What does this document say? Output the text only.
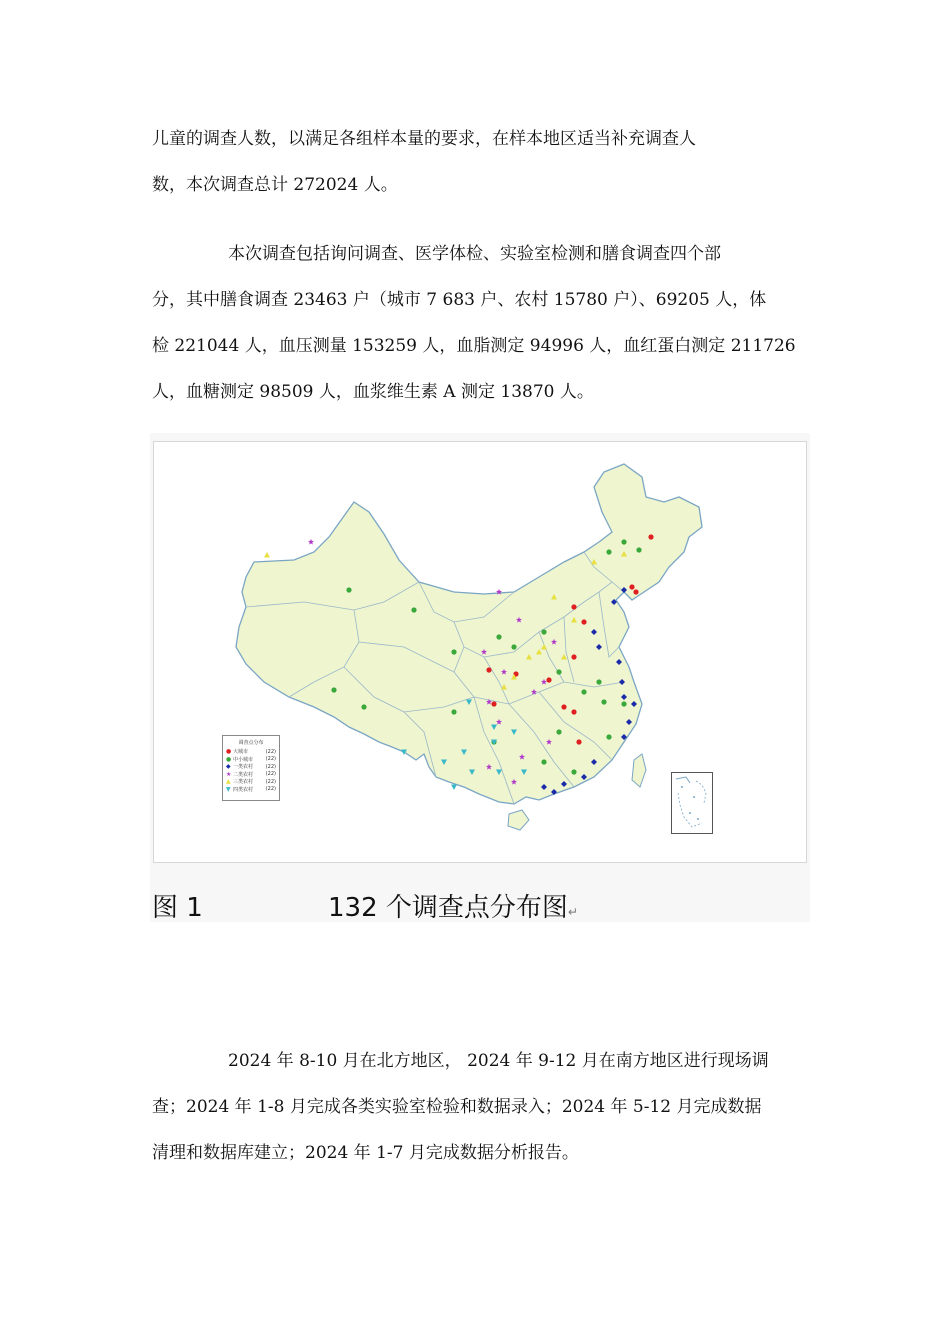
儿童的调查人数，以满足各组样本量的要求，在样本地区适当补充调查人
数，本次调查总计 272024 人。
本次调查包括询问调查、医学体检、实验室检测和膳食调查四个部
分，其中膳食调查 23463 户（城市 7 683 户、农村 15780 户）、69205 人，体
检 221044 人，血压测量 153259 人，血脂测定 94996 人，血红蛋白测定 211726
人，血糖测定 98509 人，血浆维生素 A 测定 13870 人。
调查点分布
● 大城市	(22)
● 中小城市	(22)
◆ 一类农村	(22)
★ 二类农村	(22)
▲ 三类农村	(22)
▼ 四类农村	(22)
图 1	132 个调查点分布图↵
2024 年 8-10 月在北方地区， 2024 年 9-12 月在南方地区进行现场调
查；2024 年 1-8 月完成各类实验室检验和数据录入；2024 年 5-12 月完成数据
清理和数据库建立；2024 年 1-7 月完成数据分析报告。
